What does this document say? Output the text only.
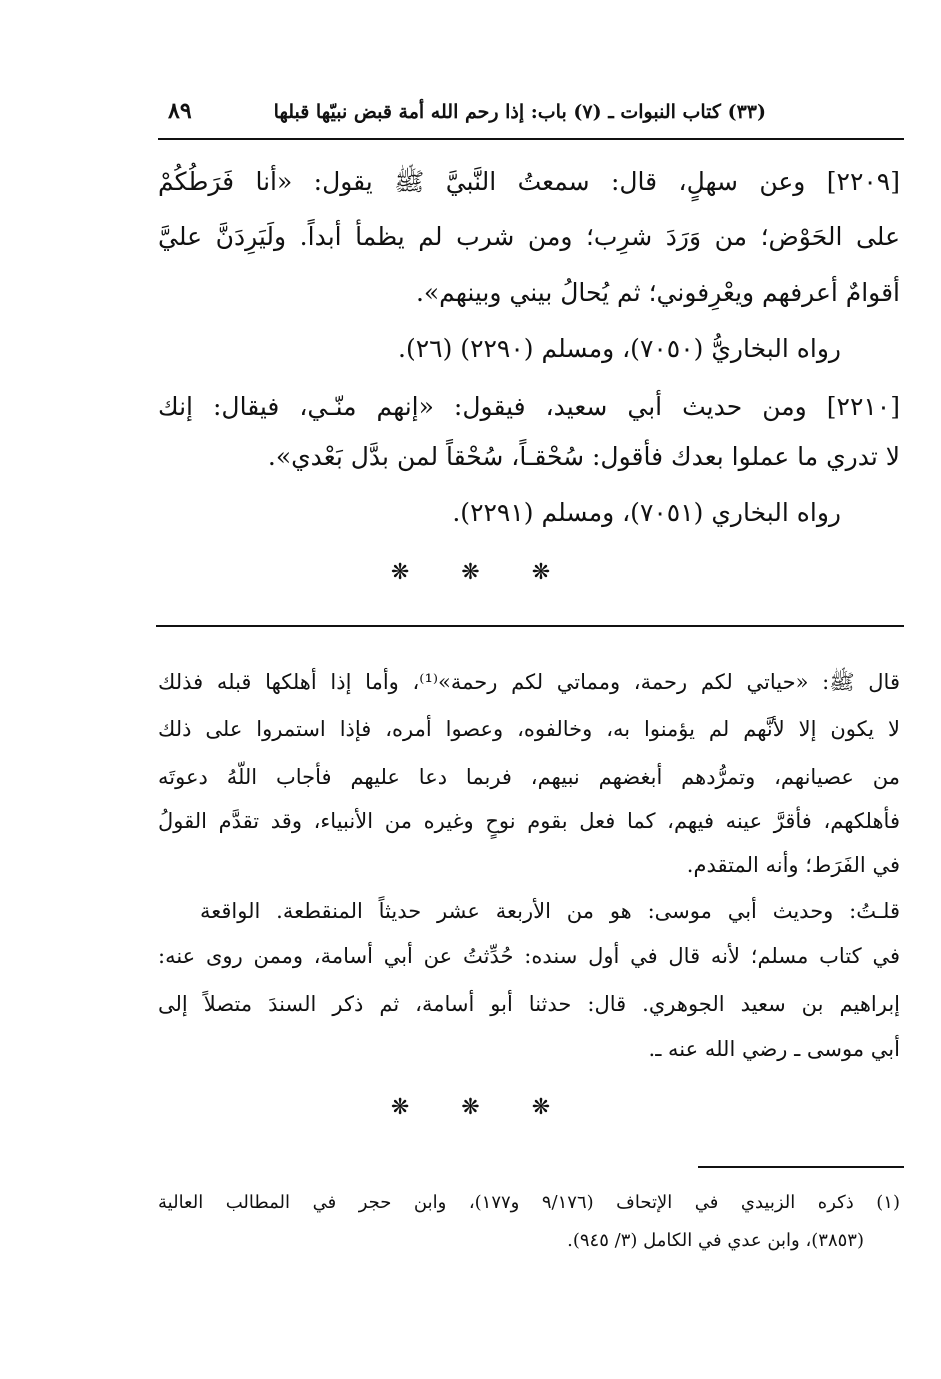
٨٩	(٣٣) كتاب النبوات ـ (٧) باب: إذا رحم الله أمة قبض نبيّها قبلها
[٢٢٠٩] وعن سهلٍ، قال: سمعتُ النَّبيَّ ﷺ يقول: «أنا فَرَطُكُمْ
على الحَوْض؛ من وَرَدَ شرِب؛ ومن شرب لم يظمأ أبداً. ولَيَرِدَنَّ عليَّ
أقوامٌ أعرفهم ويعْرِفوني؛ ثم يُحالُ بيني وبينهم».
رواه البخاريُّ (٧٠٥٠)، ومسلم (٢٢٩٠) (٢٦).
[٢٢١٠] ومن حديث أبي سعيد، فيقول: «إنهم منّـي، فيقال: إنك
لا تدري ما عملوا بعدك فأقول: سُحْقـاً، سُحْقاً لمن بدَّل بَعْدي».
رواه البخاري (٧٠٥١)، ومسلم (٢٢٩١).
❋ ❋ ❋
قال ﷺ: «حياتي لكم رحمة، ومماتي لكم رحمة»⁽¹⁾، وأما إذا أهلكها قبله فذلك
لا يكون إلا لأنَّهم لم يؤمنوا به، وخالفوه، وعصوا أمره، فإذا استمروا على ذلك
من عصيانهم، وتمرُّدهم أبغضهم نبيهم، فربما دعا عليهم فأجاب اللّهُ دعوتَه
فأهلكهم، فأقرَّ عينه فيهم، كما فعل بقوم نوحٍ وغيره من الأنبياء، وقد تقدَّم القولُ
في الفَرَط؛ وأنه المتقدم.
قلـتُ: وحديث أبي موسى: هو من الأربعة عشر حديثاً المنقطعة. الواقعة
في كتاب مسلم؛ لأنه قال في أول سنده: حُدِّثتُ عن أبي أسامة، وممن روى عنه:
إبراهيم بن سعيد الجوهري. قال: حدثنا أبو أسامة، ثم ذكر السندَ متصلاً إلى
أبي موسى ـ رضي الله عنه ـ.
❋ ❋ ❋
(١) ذكره الزبيدي في الإتحاف (٩/١٧٦ و١٧٧)، وابن حجر في المطالب العالية
(٣٨٥٣)، وابن عدي في الكامل (٣/ ٩٤٥).
